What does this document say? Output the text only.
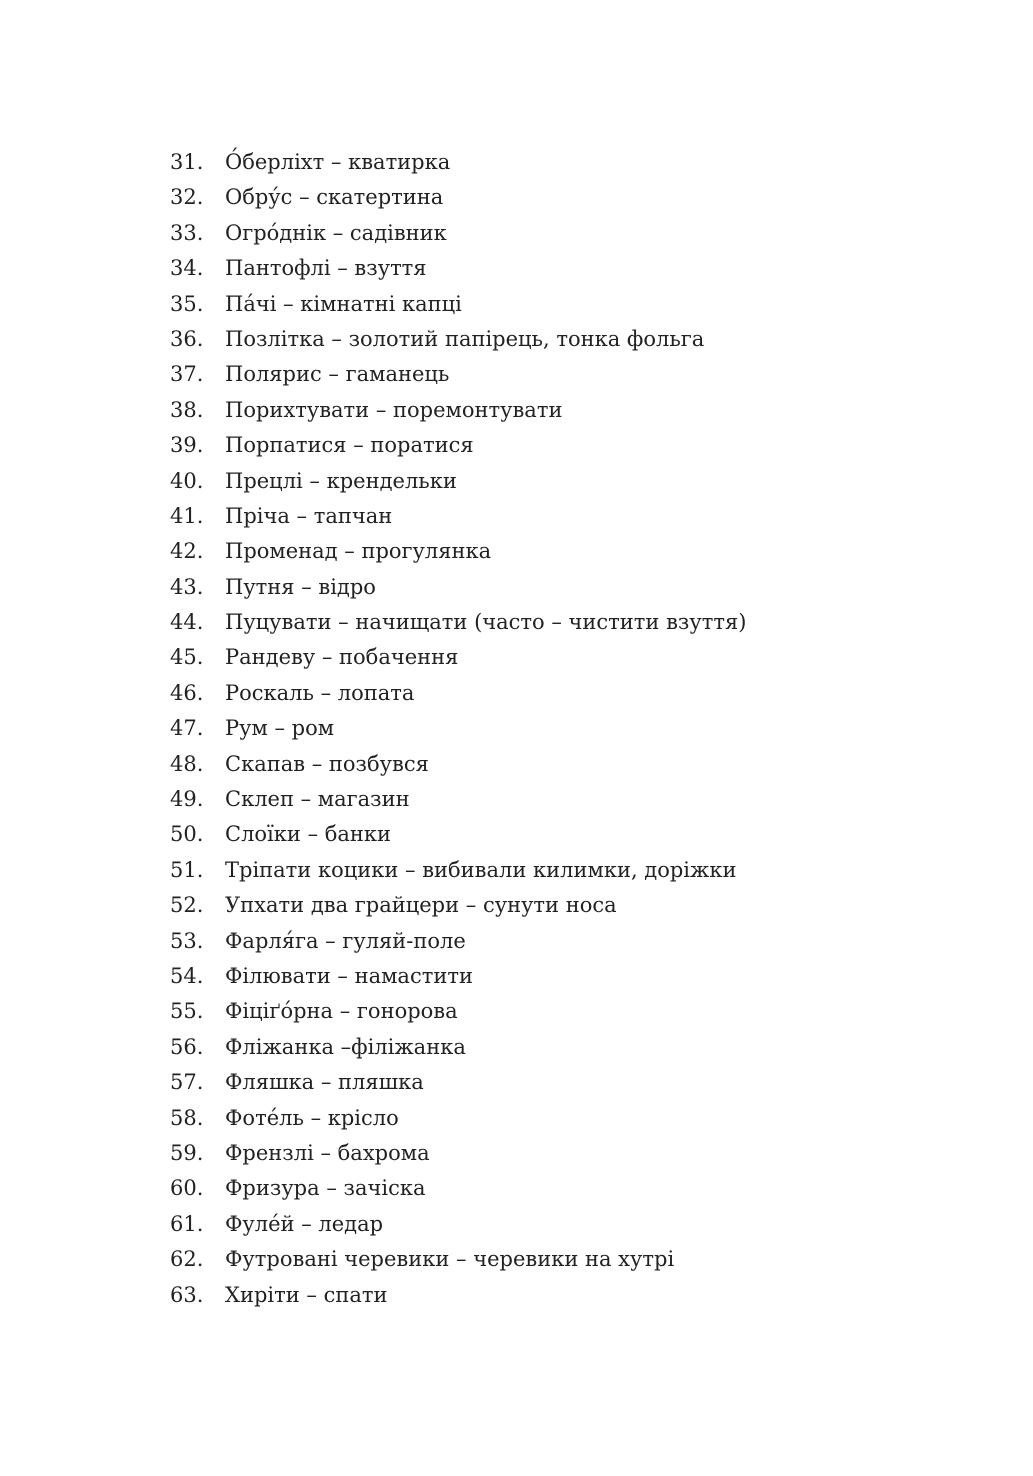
31.	О́берліхт – кватирка
32.	Обру́с – скатертина
33.	Огро́днік – садівник
34.	Пантофлі – взуття
35.	Па́чі – кімнатні капці
36.	Позлітка – золотий папірець, тонка фольга
37.	Полярис – гаманець
38.	Порихтувати – поремонтувати
39.	Порпатися – поратися
40.	Прецлі – крендельки
41.	Пріча – тапчан
42.	Променад – прогулянка
43.	Путня – відро
44.	Пуцувати – начищати (часто – чистити взуття)
45.	Рандеву – побачення
46.	Роскаль – лопата
47.	Рум – ром
48.	Скапав – позбувся
49.	Склеп – магазин
50.	Слоїки – банки
51.	Тріпати коцики – вибивали килимки, доріжки
52.	Упхати два грайцери – сунути носа
53.	Фарля́га – гуляй-поле
54.	Філювати – намастити
55.	Фіціґо́рна – гонорова
56.	Фліжанка –філіжанка
57.	Фляшка – пляшка
58.	Фоте́ль – крісло
59.	Френзлі – бахрома
60.	Фризура – зачіска
61.	Фуле́й – ледар
62.	Футровані черевики – черевики на хутрі
63.	Хиріти – спати
